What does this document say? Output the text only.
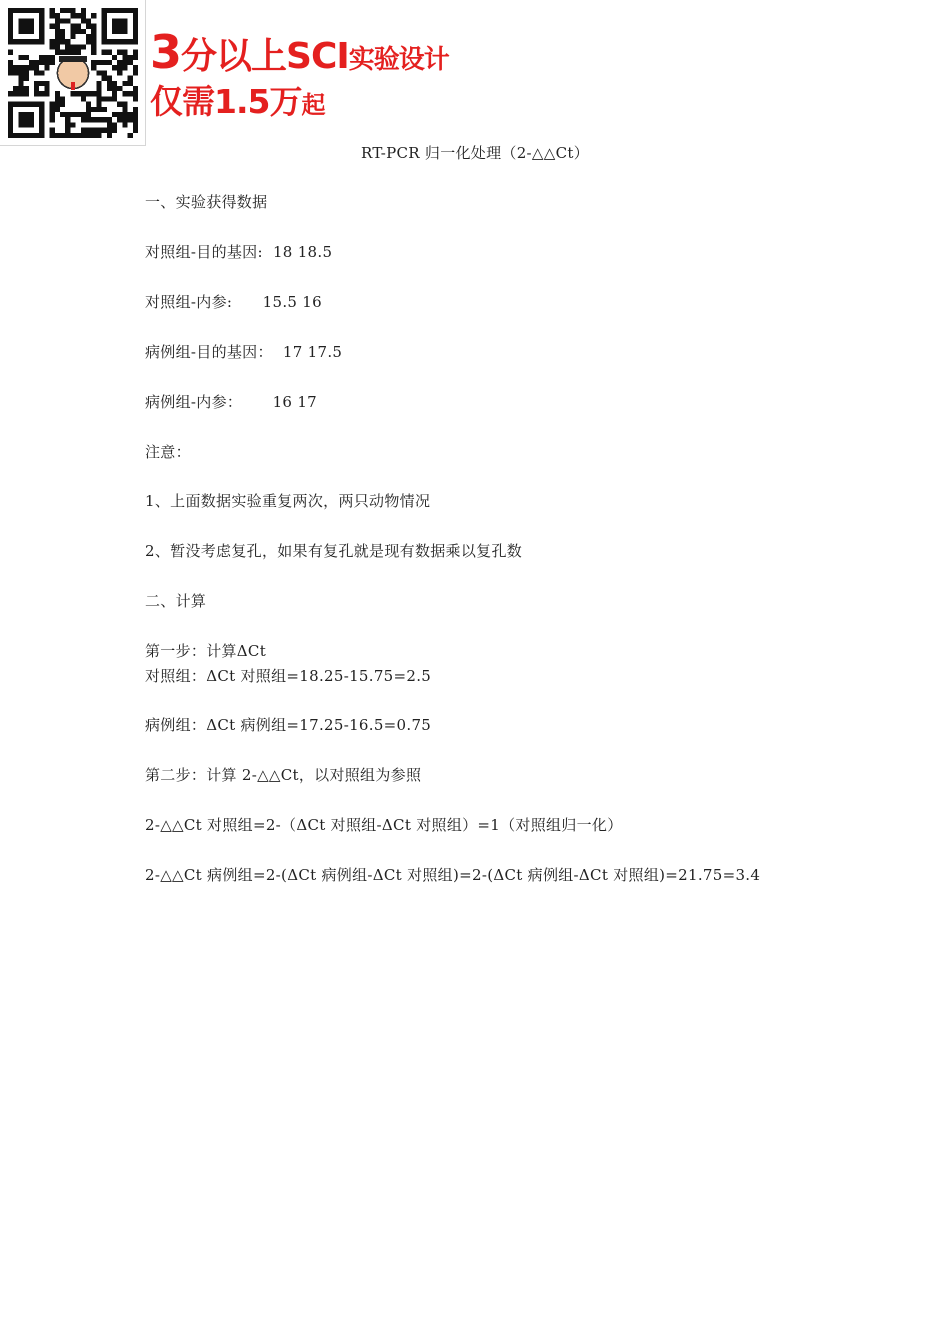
3分以上SCI实验设计
仅需1.5万起
RT-PCR 归一化处理（2-△△Ct）
一、实验获得数据
对照组-目的基因:  18 18.5
对照组-内参:      15.5 16
病例组-目的基因：  17 17.5
病例组-内参：      16 17
注意：
1、上面数据实验重复两次，两只动物情况
2、暂没考虑复孔，如果有复孔就是现有数据乘以复孔数
二、计算
第一步：计算ΔCt
对照组：ΔCt 对照组=18.25-15.75=2.5
病例组：ΔCt 病例组=17.25-16.5=0.75
第二步：计算 2-△△Ct，以对照组为参照
2-△△Ct 对照组=2-（ΔCt 对照组-ΔCt 对照组）=1（对照组归一化）
2-△△Ct 病例组=2-(ΔCt 病例组-ΔCt 对照组)=2-(ΔCt 病例组-ΔCt 对照组)=21.75=3.4
